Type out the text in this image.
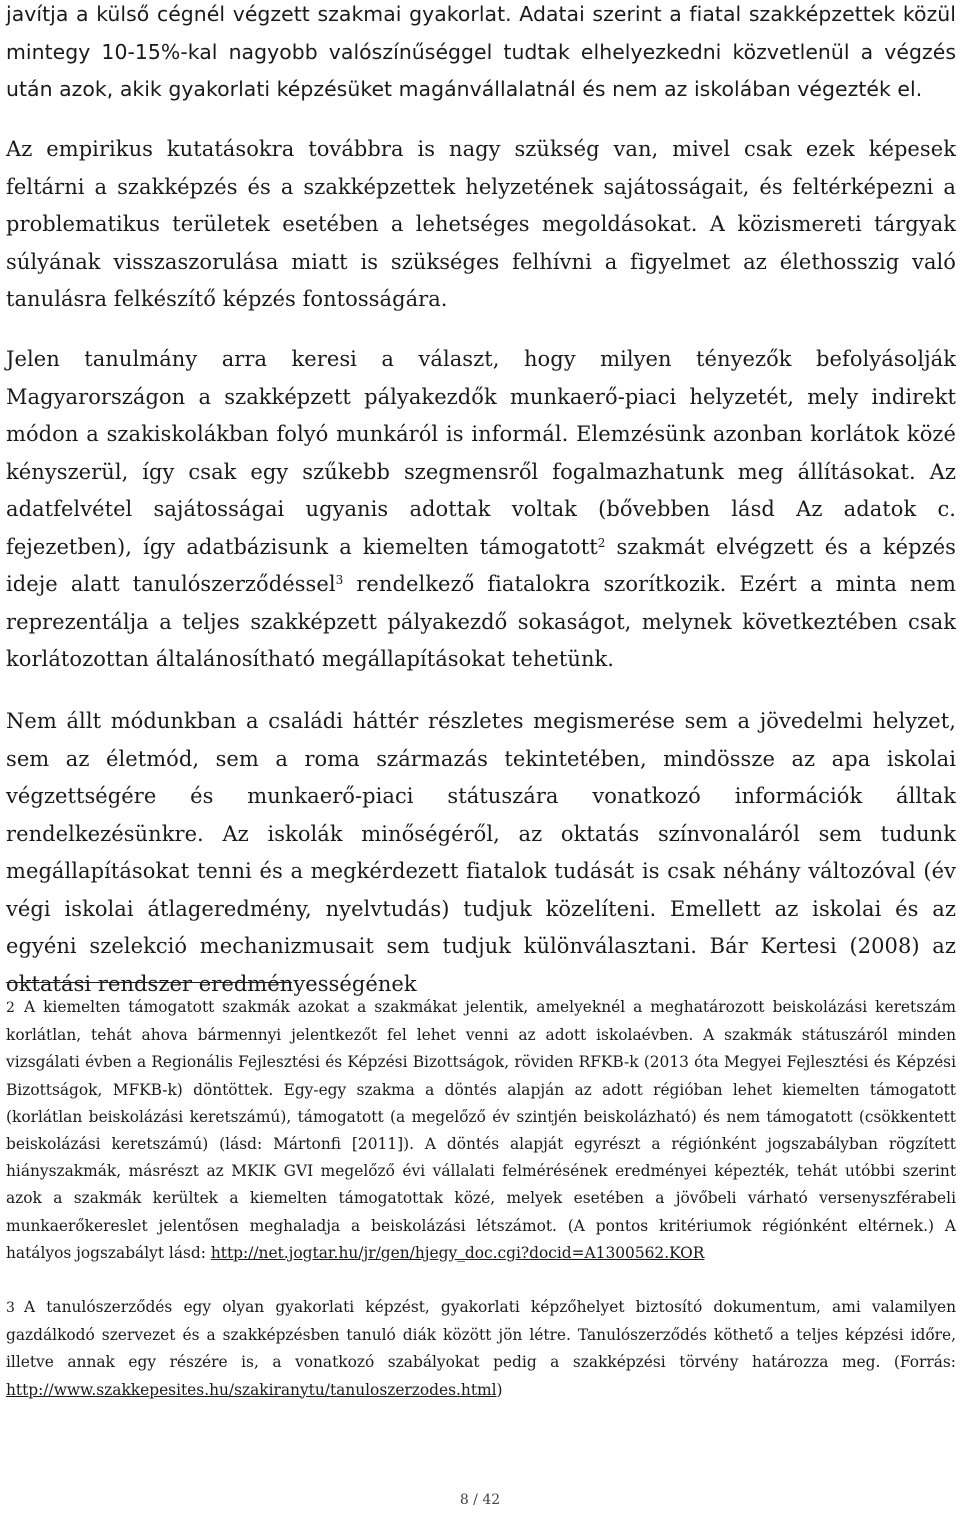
javítja a külső cégnél végzett szakmai gyakorlat. Adatai szerint a fiatal szakképzettek közül mintegy 10-15%-kal nagyobb valószínűséggel tudtak elhelyezkedni közvetlenül a végzés után azok, akik gyakorlati képzésüket magánvállalatnál és nem az iskolában végezték el.

Az empirikus kutatásokra továbbra is nagy szükség van, mivel csak ezek képesek feltárni a szakképzés és a szakképzettek helyzetének sajátosságait, és feltérképezni a problematikus területek esetében a lehetséges megoldásokat. A közismereti tárgyak súlyának visszaszorulása miatt is szükséges felhívni a figyelmet az élethosszig való tanulásra felkészítő képzés fontosságára.

Jelen tanulmány arra keresi a választ, hogy milyen tényezők befolyásolják Magyarországon a szakképzett pályakezdők munkaerő-piaci helyzetét, mely indirekt módon a szakiskolákban folyó munkáról is informál. Elemzésünk azonban korlátok közé kényszerül, így csak egy szűkebb szegmensről fogalmazhatunk meg állításokat. Az adatfelvétel sajátosságai ugyanis adottak voltak (bővebben lásd Az adatok c. fejezetben), így adatbázisunk a kiemelten támogatott$^2$ szakmát elvégzett és a képzés ideje alatt tanulószerződéssel$^3$ rendelkező fiatalokra szorítkozik. Ezért a minta nem reprezentálja a teljes szakképzett pályakezdő sokaságot, melynek következtében csak korlátozottan általánosítható megállapításokat tehetünk.

Nem állt módunkban a családi háttér részletes megismerése sem a jövedelmi helyzet, sem az életmód, sem a roma származás tekintetében, mindössze az apa iskolai végzettségére és munkaerő-piaci státuszára vonatkozó információk álltak rendelkezésünkre. Az iskolák minőségéről, az oktatás színvonaláról sem tudunk megállapításokat tenni és a megkérdezett fiatalok tudását is csak néhány változóval (év végi iskolai átlageredmény, nyelvtudás) tudjuk közelíteni. Emellett az iskolai és az egyéni szelekció mechanizmusait sem tudjuk különválasztani. Bár Kertesi (2008) az oktatási rendszer eredményességének

2 A kiemelten támogatott szakmák azokat a szakmákat jelentik, amelyeknél a meghatározott beiskolázási keretszám korlátlan, tehát ahova bármennyi jelentkezőt fel lehet venni az adott iskolaévben. A szakmák státuszáról minden vizsgálati évben a Regionális Fejlesztési és Képzési Bizottságok, röviden RFKB-k (2013 óta Megyei Fejlesztési és Képzési Bizottságok, MFKB-k) döntöttek. Egy-egy szakma a döntés alapján az adott régióban lehet kiemelten támogatott (korlátlan beiskolázási keretszámú), támogatott (a megelőző év szintjén beiskolázható) és nem támogatott (csökkentett beiskolázási keretszámú) (lásd: Mártonfi [2011]). A döntés alapját egyrészt a régiónként jogszabályban rögzített hiányszakmák, másrészt az MKIK GVI megelőző évi vállalati felmérésének eredményei képezték, tehát utóbbi szerint azok a szakmák kerültek a kiemelten támogatottak közé, melyek esetében a jövőbeli várható versenyszférabeli munkaerőkereslet jelentősen meghaladja a beiskolázási létszámot. (A pontos kritériumok régiónként eltérnek.) A hatályos jogszabályt lásd: http://net.jogtar.hu/jr/gen/hjegy_doc.cgi?docid=A1300562.KOR

3 A tanulószerződés egy olyan gyakorlati képzést, gyakorlati képzőhelyet biztosító dokumentum, ami valamilyen gazdálkodó szervezet és a szakképzésben tanuló diák között jön létre. Tanulószerződés köthető a teljes képzési időre, illetve annak egy részére is, a vonatkozó szabályokat pedig a szakképzési törvény határozza meg. (Forrás: http://www.szakkepesites.hu/szakiranytu/tanuloszerzodes.html)

8 / 42
